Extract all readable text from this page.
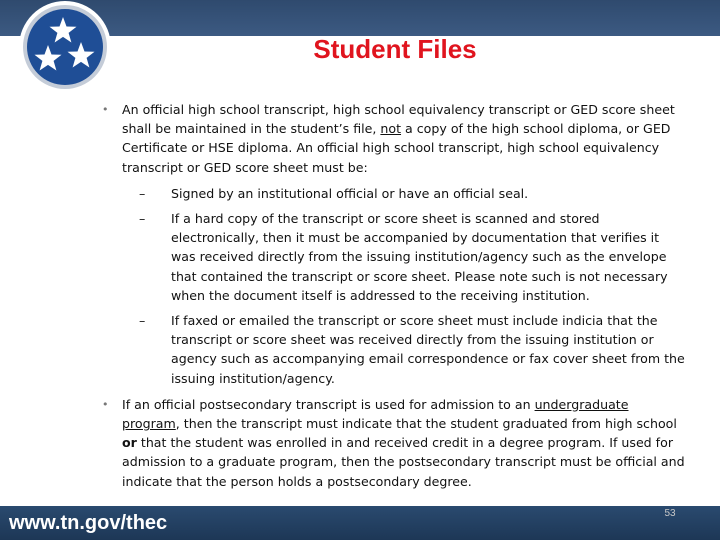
Student Files

• An official high school transcript, high school equivalency transcript or GED score sheet shall be maintained in the student’s file, not a copy of the high school diploma, or GED Certificate or HSE diploma. An official high school transcript, high school equivalency transcript or GED score sheet must be:

– Signed by an institutional official or have an official seal.

– If a hard copy of the transcript or score sheet is scanned and stored electronically, then it must be accompanied by documentation that verifies it was received directly from the issuing institution/agency such as the envelope that contained the transcript or score sheet. Please note such is not necessary when the document itself is addressed to the receiving institution.

– If faxed or emailed the transcript or score sheet must include indicia that the transcript or score sheet was received directly from the issuing institution or agency such as accompanying email correspondence or fax cover sheet from the issuing institution/agency.

• If an official postsecondary transcript is used for admission to an undergraduate program, then the transcript must indicate that the student graduated from high school or that the student was enrolled in and received credit in a degree program. If used for admission to a graduate program, then the postsecondary transcript must be official and indicate that the person holds a postsecondary degree.

www.tn.gov/thec	53
